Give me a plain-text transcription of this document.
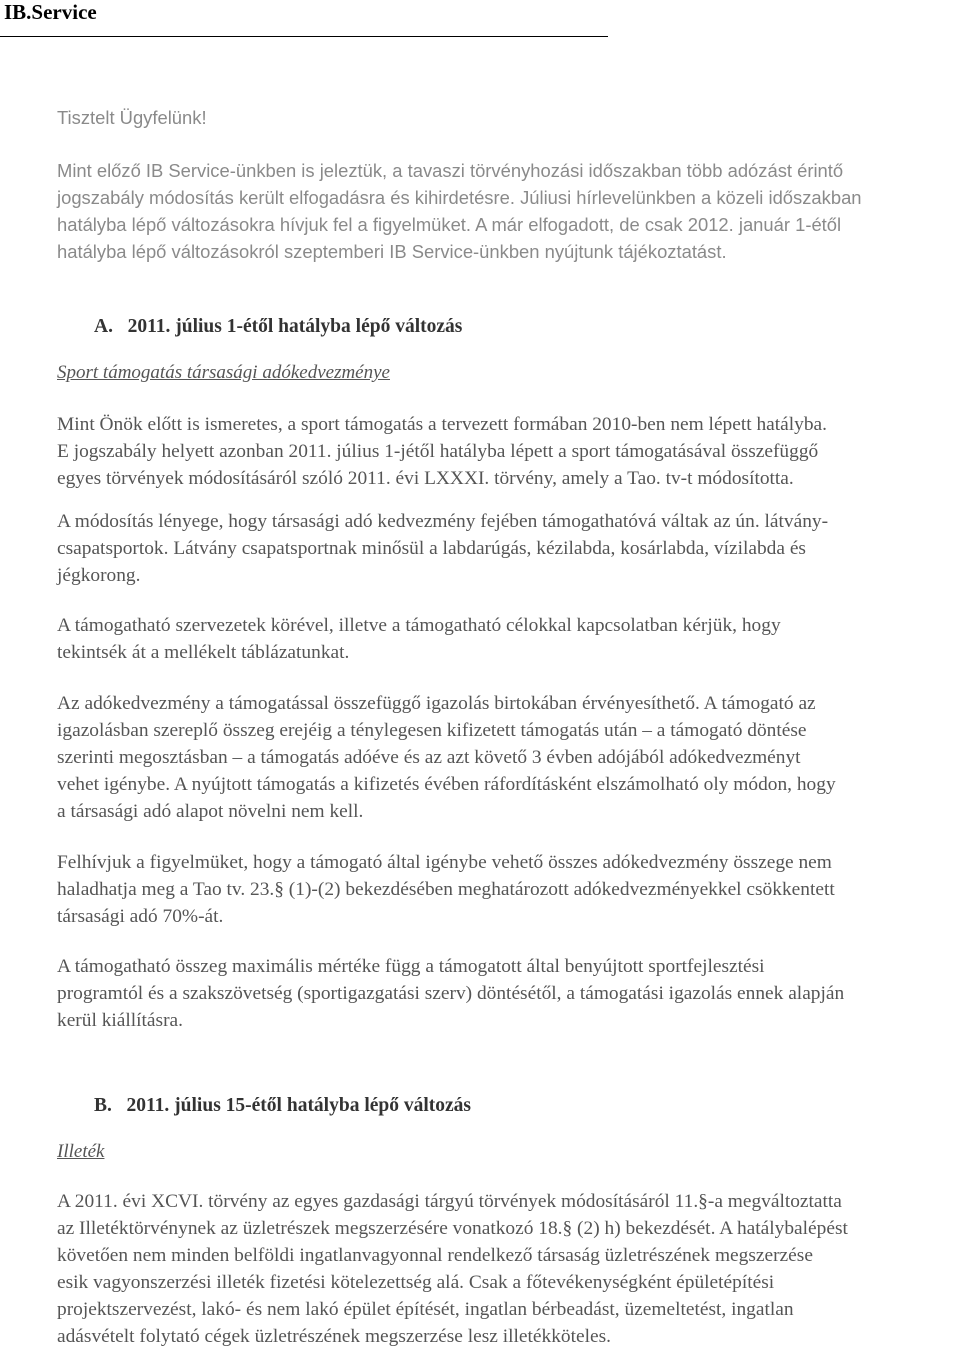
IB.Service

Tisztelt Ügyfelünk!

Mint előző IB Service-ünkben is jeleztük, a tavaszi törvényhozási időszakban több adózást érintő

jogszabály módosítás került elfogadásra és kihirdetésre. Júliusi hírlevelünkben a közeli időszakban

hatályba lépő változásokra hívjuk fel a figyelmüket. A már elfogadott, de csak 2012. január 1-étől

hatályba lépő változásokról szeptemberi IB Service-ünkben nyújtunk tájékoztatást.

A.   2011. július 1-étől hatályba lépő változás

Sport támogatás társasági adókedvezménye

Mint Önök előtt is ismeretes, a sport támogatás a tervezett formában 2010-ben nem lépett hatályba.

E jogszabály helyett azonban 2011. július 1-jétől hatályba lépett a sport támogatásával összefüggő

egyes törvények módosításáról szóló 2011. évi LXXXI. törvény, amely a Tao. tv-t módosította.

A módosítás lényege, hogy társasági adó kedvezmény fejében támogathatóvá váltak az ún. látvány-

csapatsportok. Látvány csapatsportnak minősül a labdarúgás, kézilabda, kosárlabda, vízilabda és

jégkorong.

A támogatható szervezetek körével, illetve a támogatható célokkal kapcsolatban kérjük, hogy

tekintsék át a mellékelt táblázatunkat.

Az adókedvezmény a támogatással összefüggő igazolás birtokában érvényesíthető. A támogató az

igazolásban szereplő összeg erejéig a ténylegesen kifizetett támogatás után – a támogató döntése

szerinti megosztásban – a támogatás adóéve és az azt követő 3 évben adójából adókedvezményt

vehet igénybe. A nyújtott támogatás a kifizetés évében ráfordításként elszámolható oly módon, hogy

a társasági adó alapot növelni nem kell.

Felhívjuk a figyelmüket, hogy a támogató által igénybe vehető összes adókedvezmény összege nem

haladhatja meg a Tao tv. 23.§ (1)-(2) bekezdésében meghatározott adókedvezményekkel csökkentett

társasági adó 70%-át.

A támogatható összeg maximális mértéke függ a támogatott által benyújtott sportfejlesztési

programtól és a szakszövetség (sportigazgatási szerv) döntésétől, a támogatási igazolás ennek alapján

kerül kiállításra.

B.   2011. július 15-étől hatályba lépő változás

Illeték

A 2011. évi XCVI. törvény az egyes gazdasági tárgyú törvények módosításáról 11.§-a megváltoztatta

az Illetéktörvénynek az üzletrészek megszerzésére vonatkozó 18.§ (2) h) bekezdését. A hatálybalépést

követően nem minden belföldi ingatlanvagyonnal rendelkező társaság üzletrészének megszerzése

esik vagyonszerzési illeték fizetési kötelezettség alá. Csak a főtevékenységként épületépítési

projektszervezést, lakó- és nem lakó épület építését, ingatlan bérbeadást, üzemeltetést, ingatlan

adásvételt folytató cégek üzletrészének megszerzése lesz illetékköteles.
